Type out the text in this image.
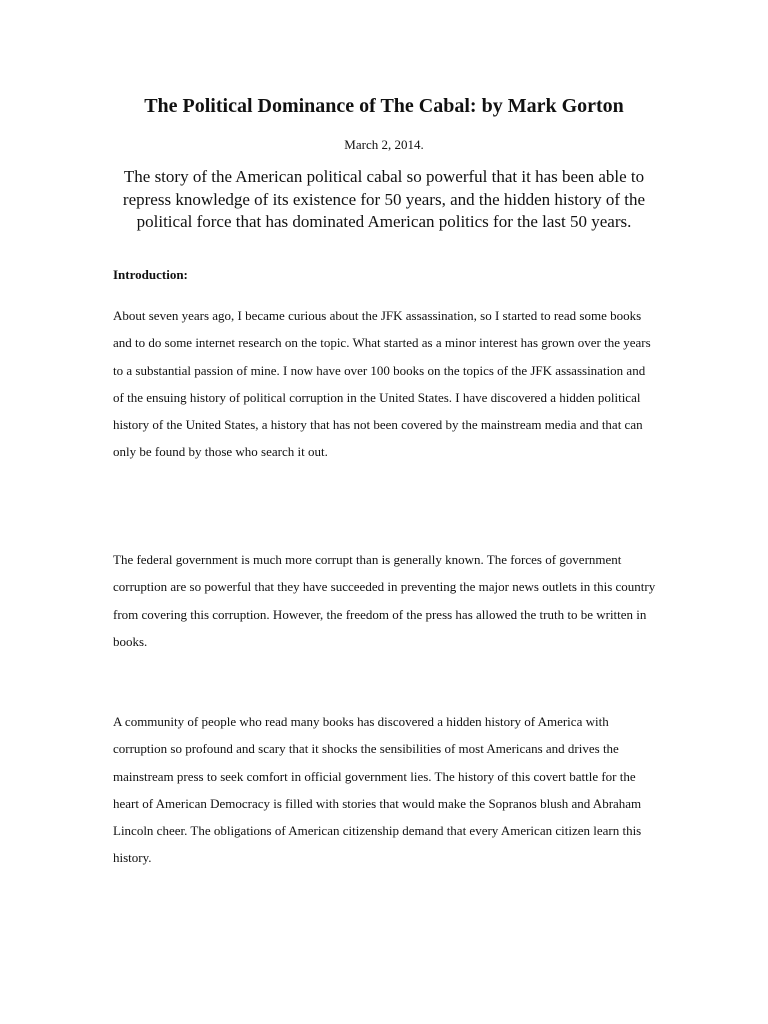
The Political Dominance of The Cabal: by Mark Gorton
March 2, 2014.
The story of the American political cabal so powerful that it has been able to repress knowledge of its existence for 50 years, and the hidden history of the political force that has dominated American politics for the last 50 years.
Introduction:

About seven years ago, I became curious about the JFK assassination, so I started to read some books and to do some internet research on the topic. What started as a minor interest has grown over the years to a substantial passion of mine. I now have over 100 books on the topics of the JFK assassination and of the ensuing history of political corruption in the United States. I have discovered a hidden political history of the United States, a history that has not been covered by the mainstream media and that can only be found by those who search it out.

The federal government is much more corrupt than is generally known. The forces of government corruption are so powerful that they have succeeded in preventing the major news outlets in this country from covering this corruption. However, the freedom of the press has allowed the truth to be written in books.

A community of people who read many books has discovered a hidden history of America with corruption so profound and scary that it shocks the sensibilities of most Americans and drives the mainstream press to seek comfort in official government lies. The history of this covert battle for the heart of American Democracy is filled with stories that would make the Sopranos blush and Abraham Lincoln cheer. The obligations of American citizenship demand that every American citizen learn this history.
